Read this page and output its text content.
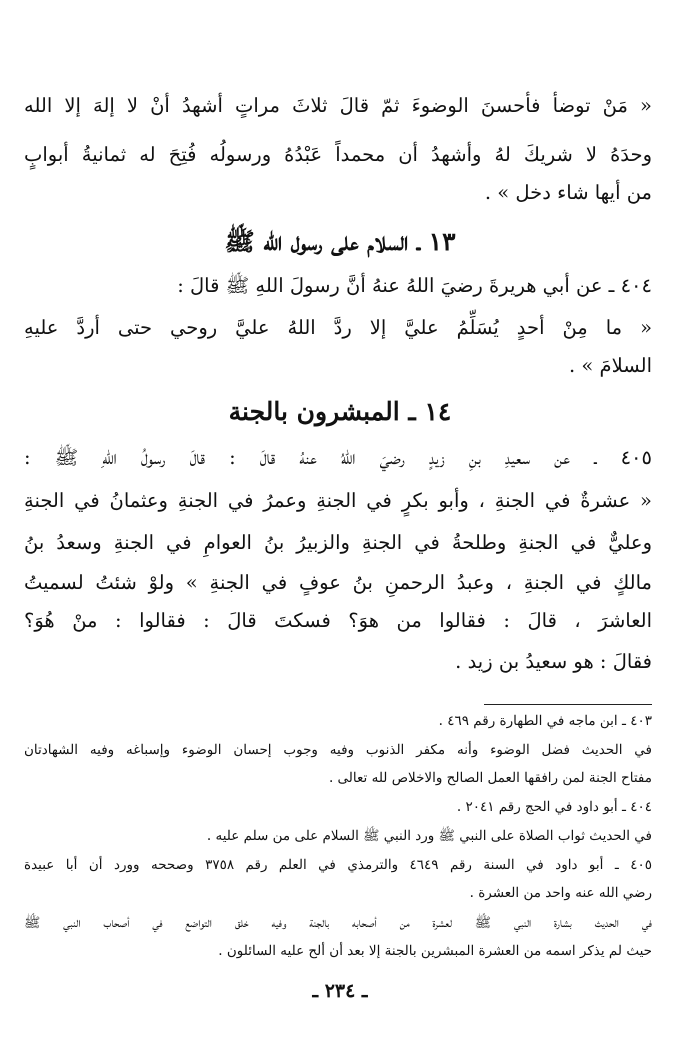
« مَنْ توضأ فأحسنَ الوضوءَ ثمّ قالَ ثلاثَ مراتٍ أشهدُ أنْ لا إلهَ إلا الله
وحدَهُ لا شريكَ لهُ وأشهدُ أن محمداً عَبْدُهُ ورسولُه فُتِحَ له ثمانيةُ أبوابٍ
من أيها شاء دخل » .
١٣ ـ السلام على رسول الله ﷺ
٤٠٤ ـ عن أبي هريرةَ رضيَ اللهُ عنهُ أنَّ رسولَ اللهِ ﷺ قالَ :
« ما مِنْ أحدٍ يُسَلِّمُ عليَّ إلا ردَّ اللهُ عليَّ روحي حتى أردَّ عليهِ
السلامَ » .
١٤ ـ المبشرون بالجنة
٤٠٥ ـ عن سعيدِ بنِ زيدٍ رضيَ اللهُ عنهُ قالَ : قالَ رسولُ اللهِ ﷺ :
« عشرةٌ في الجنةِ ، وأبو بكرٍ في الجنةِ وعمرُ في الجنةِ وعثمانُ في الجنةِ
وعليٌّ في الجنةِ وطلحةُ في الجنةِ والزبيرُ بنُ العوامِ في الجنةِ وسعدُ بنُ
مالكٍ في الجنةِ ، وعبدُ الرحمنِ بنُ عوفٍ في الجنةِ » ولوْ شئتُ لسميتُ
العاشرَ ، قالَ : فقالوا من هوَ؟ فسكتَ قالَ : فقالوا : منْ هُوَ؟
فقالَ : هو سعيدُ بن زيد .
٤٠٣ ـ ابن ماجه في الطهارة رقم ٤٦٩ .
في الحديث فضل الوضوء وأنه مكفر الذنوب وفيه وجوب إحسان الوضوء وإسباغه وفيه الشهادتان
مفتاح الجنة لمن رافقها العمل الصالح والاخلاص لله تعالى .
٤٠٤ ـ أبو داود في الحج رقم ٢٠٤١ .
في الحديث ثواب الصلاة على النبي ﷺ ورد النبي ﷺ السلام على من سلم عليه .
٤٠٥ ـ أبو داود في السنة رقم ٤٦٤٩ والترمذي في العلم رقم ٣٧٥٨ وصححه وورد أن أبا عبيدة
رضي الله عنه واحد من العشرة .
في الحديث بشارة النبي ﷺ لعشرة من أصحابه بالجنة وفيه خلق التواضع في أصحاب النبي ﷺ
حيث لم يذكر اسمه من العشرة المبشرين بالجنة إلا بعد أن ألح عليه السائلون .
ـ ٢٣٤ ـ
